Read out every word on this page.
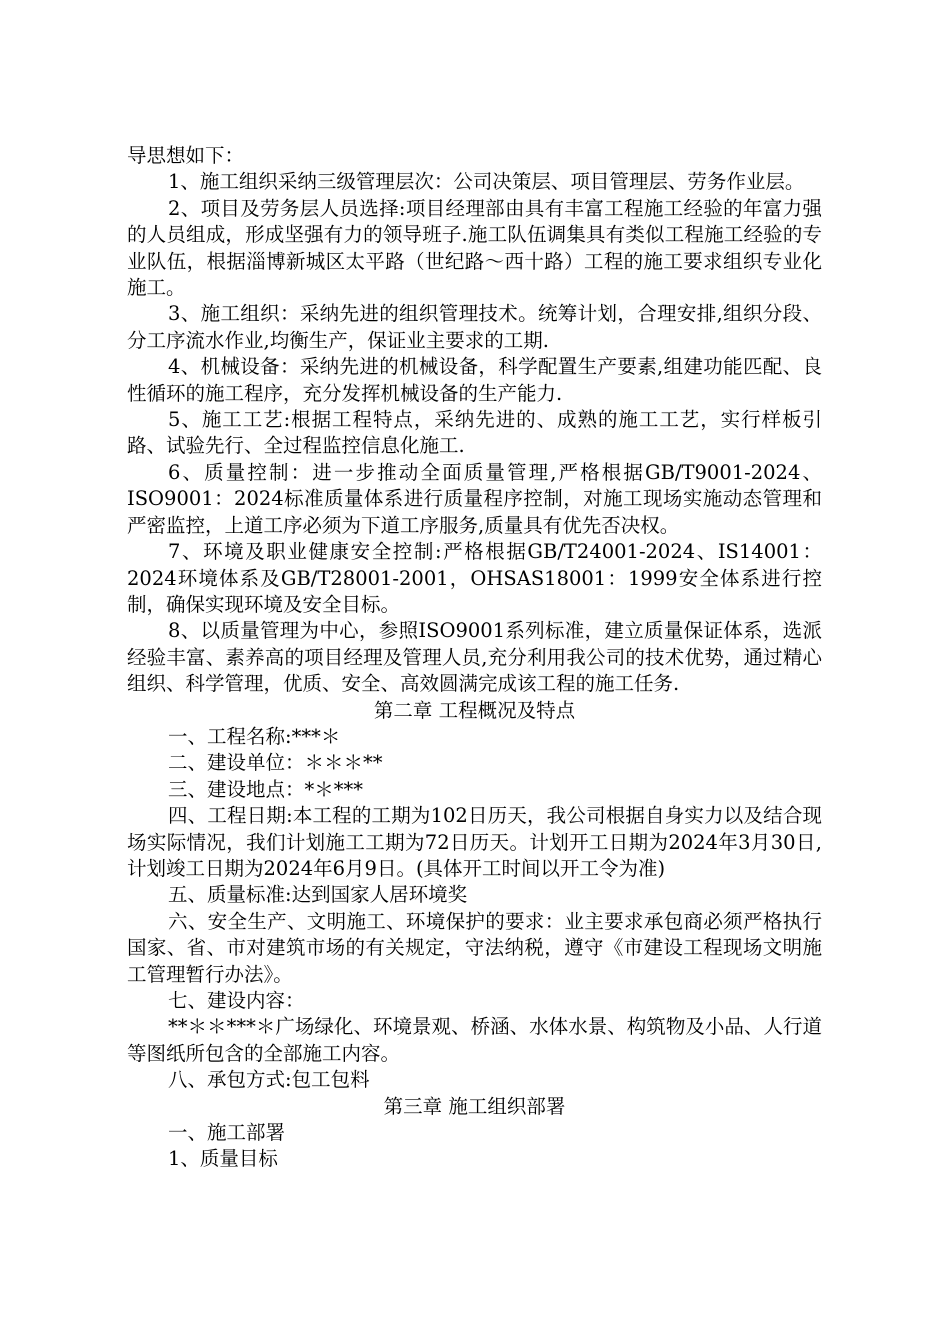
导思想如下：

1、施工组织采纳三级管理层次：公司决策层、项目管理层、劳务作业层。

2、项目及劳务层人员选择:项目经理部由具有丰富工程施工经验的年富力强的人员组成，形成坚强有力的领导班子.施工队伍调集具有类似工程施工经验的专业队伍，根据淄博新城区太平路（世纪路～西十路）工程的施工要求组织专业化施工。

3、施工组织：采纳先进的组织管理技术。统筹计划，合理安排,组织分段、分工序流水作业,均衡生产，保证业主要求的工期.

4、机械设备：采纳先进的机械设备，科学配置生产要素,组建功能匹配、良性循环的施工程序，充分发挥机械设备的生产能力.

5、施工工艺:根据工程特点，采纳先进的、成熟的施工工艺，实行样板引路、试验先行、全过程监控信息化施工.

6、质量控制：进一步推动全面质量管理,严格根据GB/T9001-2024、ISO9001：2024标准质量体系进行质量程序控制，对施工现场实施动态管理和严密监控，上道工序必须为下道工序服务,质量具有优先否决权。

7、环境及职业健康安全控制:严格根据GB/T24001-2024、IS14001：2024环境体系及GB/T28001-2001，OHSAS18001：1999安全体系进行控制，确保实现环境及安全目标。

8、以质量管理为中心，参照ISO9001系列标准，建立质量保证体系，选派经验丰富、素养高的项目经理及管理人员,充分利用我公司的技术优势，通过精心组织、科学管理，优质、安全、高效圆满完成该工程的施工任务.

第二章 工程概况及特点

一、工程名称:***＊

二、建设单位：＊＊＊**

三、建设地点：*＊***

四、工程日期:本工程的工期为102日历天，我公司根据自身实力以及结合现场实际情况，我们计划施工工期为72日历天。计划开工日期为2024年3月30日,计划竣工日期为2024年6月9日。(具体开工时间以开工令为准)

五、质量标准:达到国家人居环境奖

六、安全生产、文明施工、环境保护的要求：业主要求承包商必须严格执行国家、省、市对建筑市场的有关规定，守法纳税，遵守《市建设工程现场文明施工管理暂行办法》。

七、建设内容：

**＊＊***＊广场绿化、环境景观、桥涵、水体水景、构筑物及小品、人行道等图纸所包含的全部施工内容。

八、承包方式:包工包料

第三章 施工组织部署

一、施工部署

1、质量目标
